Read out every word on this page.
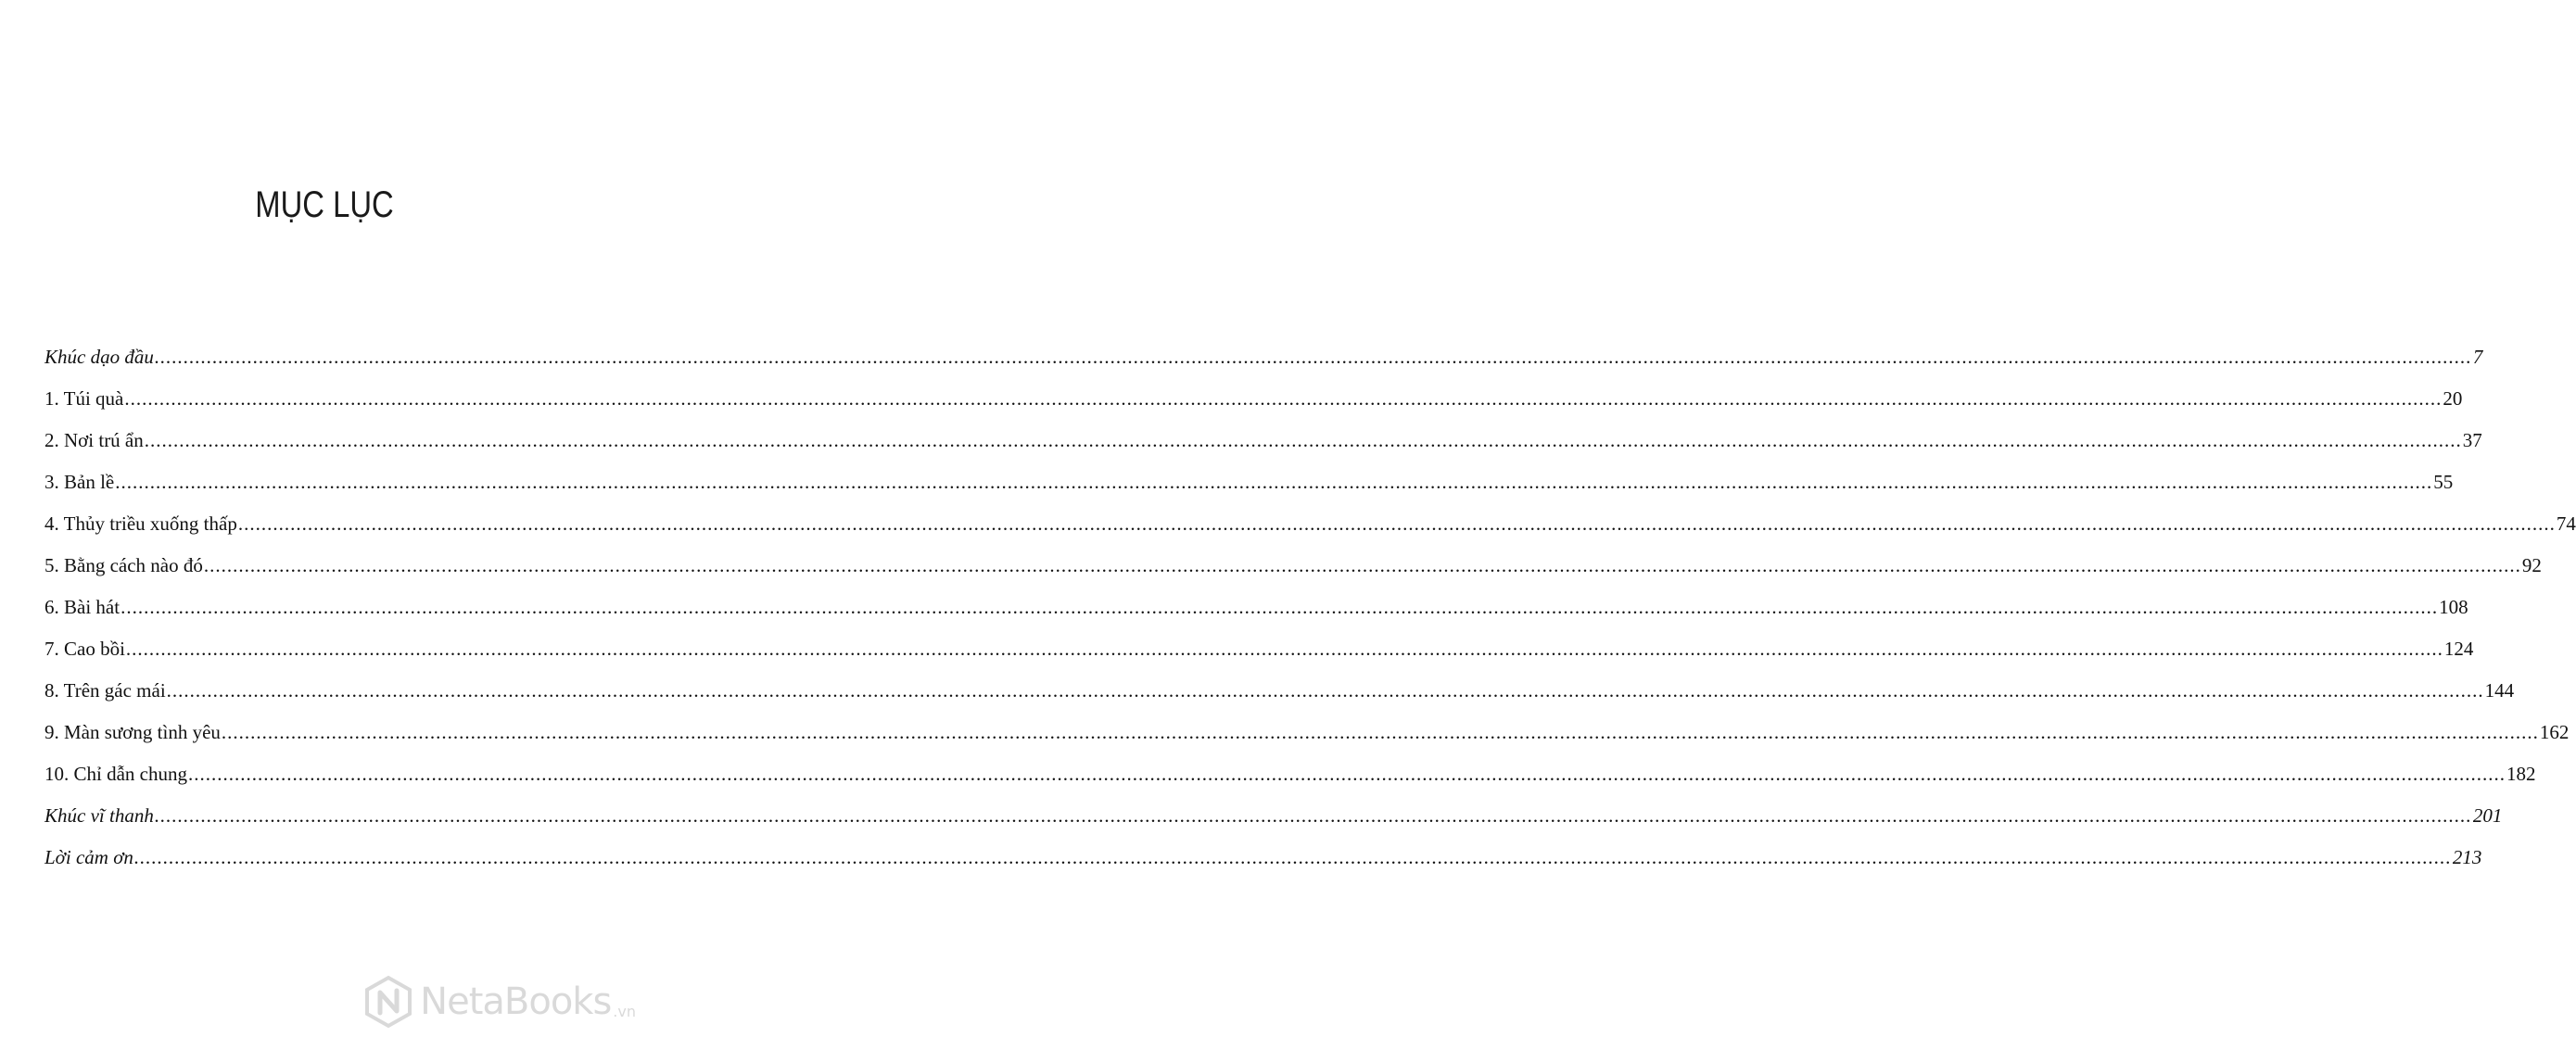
MỤC LỤC
Khúc dạo đầu ................................................................................................................................................................................................................................................................................................................................................................................................................ 7
1. Túi quà ................................................................................................................................................................................................................................................................................................................................................................................................................ 20
2. Nơi trú ẩn ................................................................................................................................................................................................................................................................................................................................................................................................................ 37
3. Bản lề ................................................................................................................................................................................................................................................................................................................................................................................................................ 55
4. Thủy triều xuống thấp ................................................................................................................................................................................................................................................................................................................................................................................................................ 74
5. Bằng cách nào đó ................................................................................................................................................................................................................................................................................................................................................................................................................ 92
6. Bài hát ................................................................................................................................................................................................................................................................................................................................................................................................................ 108
7. Cao bồi ................................................................................................................................................................................................................................................................................................................................................................................................................ 124
8. Trên gác mái ................................................................................................................................................................................................................................................................................................................................................................................................................ 144
9. Màn sương tình yêu ................................................................................................................................................................................................................................................................................................................................................................................................................ 162
10. Chỉ dẫn chung ................................................................................................................................................................................................................................................................................................................................................................................................................ 182
Khúc vĩ thanh ................................................................................................................................................................................................................................................................................................................................................................................................................ 201
Lời cảm ơn ................................................................................................................................................................................................................................................................................................................................................................................................................ 213
NetaBooks .vn
